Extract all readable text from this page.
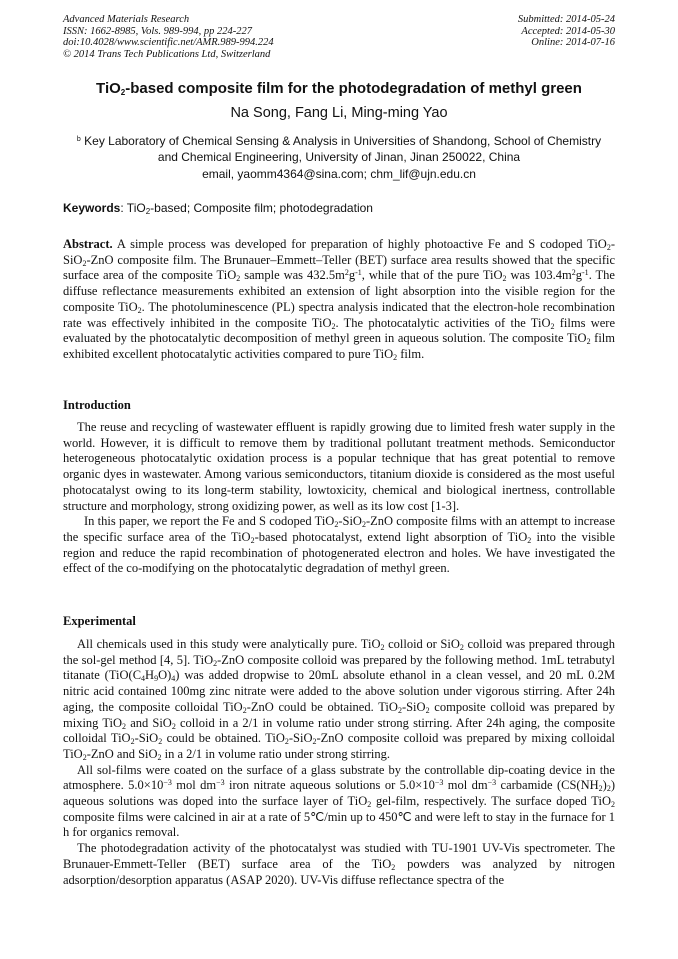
Advanced Materials Research
ISSN: 1662-8985, Vols. 989-994, pp 224-227
doi:10.4028/www.scientific.net/AMR.989-994.224
© 2014 Trans Tech Publications Ltd, Switzerland
Submitted: 2014-05-24
Accepted: 2014-05-30
Online: 2014-07-16
TiO$_2$-based composite film for the photodegradation of methyl green
Na Song, Fang Li, Ming-ming Yao
$^b$ Key Laboratory of Chemical Sensing & Analysis in Universities of Shandong, School of Chemistry
and Chemical Engineering, University of Jinan, Jinan 250022, China
email, yaomm4364@sina.com; chm_lif@ujn.edu.cn
Keywords: TiO$_2$-based; Composite film; photodegradation

Abstract. A simple process was developed for preparation of highly photoactive Fe and S codoped TiO$_2$-SiO$_2$-ZnO composite film. The Brunauer–Emmett–Teller (BET) surface area results showed that the specific surface area of the composite TiO$_2$ sample was $432.5m^2g^{-1}$, while that of the pure TiO$_2$ was $103.4m^2g^{-1}$. The diffuse reflectance measurements exhibited an extension of light absorption into the visible region for the composite TiO$_2$. The photoluminescence (PL) spectra analysis indicated that the electron-hole recombination rate was effectively inhibited in the composite TiO$_2$. The photocatalytic activities of the TiO$_2$ films were evaluated by the photocatalytic decomposition of methyl green in aqueous solution. The composite TiO$_2$ film exhibited excellent photocatalytic activities compared to pure TiO$_2$ film.

Introduction

The reuse and recycling of wastewater effluent is rapidly growing due to limited fresh water supply in the world. However, it is difficult to remove them by traditional pollutant treatment methods. Semiconductor heterogeneous photocatalytic oxidation process is a popular technique that has great potential to remove organic dyes in wastewater. Among various semiconductors, titanium dioxide is considered as the most useful photocatalyst owing to its long-term stability, lowtoxicity, chemical and biological inertness, controllable structure and morphology, strong oxidizing power, as well as its low cost [1-3].

In this paper, we report the Fe and S codoped TiO$_2$-SiO$_2$-ZnO composite films with an attempt to increase the specific surface area of the TiO$_2$-based photocatalyst, extend light absorption of TiO$_2$ into the visible region and reduce the rapid recombination of photogenerated electron and holes. We have investigated the effect of the co-modifying on the photocatalytic degradation of methyl green.

Experimental

All chemicals used in this study were analytically pure. TiO$_2$ colloid or SiO$_2$ colloid was prepared through the sol-gel method [4, 5]. TiO$_2$-ZnO composite colloid was prepared by the following method. 1mL tetrabutyl titanate $(TiO(C_4H_9O)_4)$ was added dropwise to 20mL absolute ethanol in a clean vessel, and 20 mL 0.2M nitric acid contained 100mg zinc nitrate were added to the above solution under vigorous stirring. After 24h aging, the composite colloidal TiO$_2$-ZnO could be obtained. TiO$_2$-SiO$_2$ composite colloid was prepared by mixing TiO$_2$ and SiO$_2$ colloid in a 2/1 in volume ratio under strong stirring. After 24h aging, the composite colloidal TiO$_2$-SiO$_2$ could be obtained. TiO$_2$-SiO$_2$-ZnO composite colloid was prepared by mixing colloidal TiO$_2$-ZnO and SiO$_2$ in a 2/1 in volume ratio under strong stirring.

All sol-films were coated on the surface of a glass substrate by the controllable dip-coating device in the atmosphere. $5.0\times 10^{-3}$ mol $dm^{-3}$ iron nitrate aqueous solutions or $5.0\times 10^{-3}$ mol $dm^{-3}$ carbamide $(CS(NH_2)_2)$ aqueous solutions was doped into the surface layer of TiO$_2$ gel-film, respectively. The surface doped TiO$_2$ composite films were calcined in air at a rate of 5℃/min up to 450℃ and were left to stay in the furnace for 1 h for organics removal.

The photodegradation activity of the photocatalyst was studied with TU-1901 UV-Vis spectrometer. The Brunauer-Emmett-Teller (BET) surface area of the TiO$_2$ powders was analyzed by nitrogen adsorption/desorption apparatus (ASAP 2020). UV-Vis diffuse reflectance spectra of the
